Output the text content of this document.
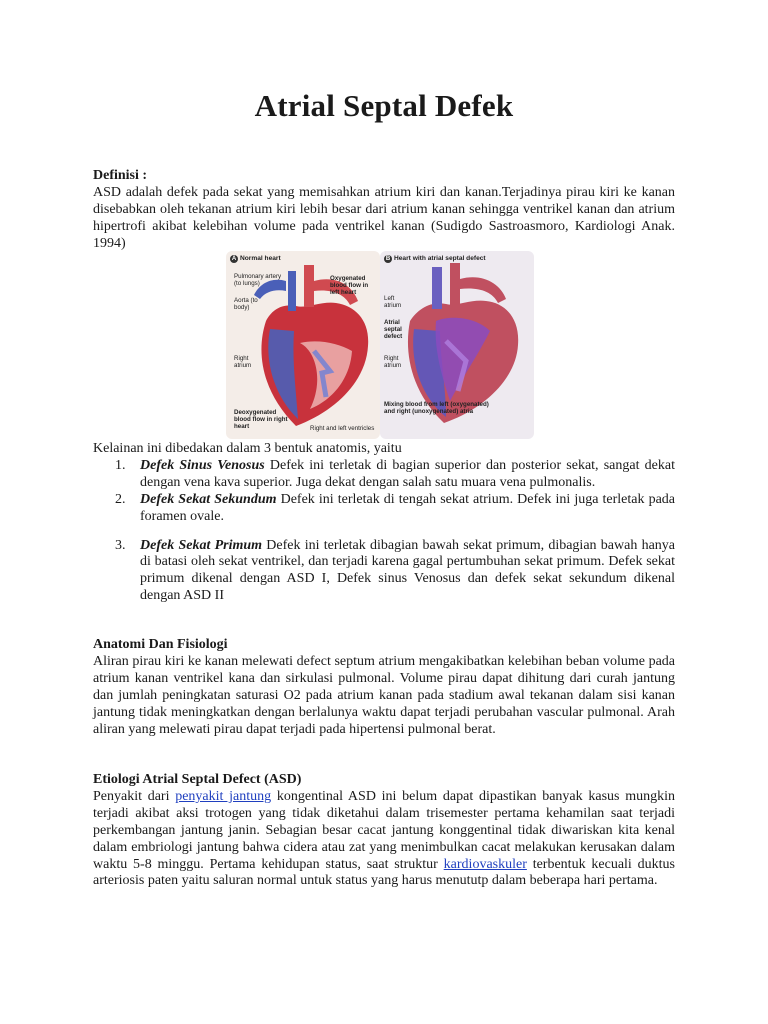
Atrial Septal Defek
Definisi :

ASD adalah defek pada sekat yang memisahkan atrium kiri dan kanan.Terjadinya pirau kiri ke kanan disebabkan oleh tekanan atrium kiri lebih besar dari atrium kanan sehingga ventrikel kanan dan atrium hipertrofi akibat kelebihan volume pada ventrikel kanan (Sudigdo Sastroasmoro, Kardiologi Anak. 1994)

A Normal heart
Pulmonary artery (to lungs)
Aorta (to body)
Oxygenated blood flow in left heart
Right atrium
Deoxygenated blood flow in right heart	Right and left ventricles
B Heart with atrial septal defect
Left atrium
Atrial septal defect
Right atrium
Mixing blood from left (oxygenated) and right (unoxygenated) atria
Kelainan ini dibedakan dalam 3 bentuk anatomis, yaitu
1. Defek Sinus Venosus Defek ini terletak di bagian superior dan posterior sekat, sangat dekat dengan vena kava superior. Juga dekat dengan salah satu muara vena pulmonalis.
2. Defek Sekat Sekundum Defek ini terletak di tengah sekat atrium. Defek ini juga terletak pada foramen ovale.
3. Defek Sekat Primum Defek ini terletak dibagian bawah sekat primum, dibagian bawah hanya di batasi oleh sekat ventrikel, dan terjadi karena gagal pertumbuhan sekat primum. Defek sekat primum dikenal dengan ASD I, Defek sinus Venosus dan defek sekat sekundum dikenal dengan ASD II
Anatomi Dan Fisiologi

Aliran pirau kiri ke kanan melewati defect septum atrium mengakibatkan kelebihan beban volume pada atrium kanan ventrikel kana dan sirkulasi pulmonal. Volume pirau dapat dihitung dari curah jantung dan jumlah peningkatan saturasi O2 pada atrium kanan pada stadium awal tekanan dalam sisi kanan jantung tidak meningkatkan dengan berlalunya waktu dapat terjadi perubahan vascular pulmonal. Arah aliran yang melewati pirau dapat terjadi pada hipertensi pulmonal berat.

Etiologi Atrial Septal Defect (ASD)

Penyakit dari penyakit jantung kongentinal ASD ini belum dapat dipastikan banyak kasus mungkin terjadi akibat aksi trotogen yang tidak diketahui dalam trisemester pertama kehamilan saat terjadi perkembangan jantung janin. Sebagian besar cacat jantung konggentinal tidak diwariskan kita kenal dalam embriologi jantung bahwa cidera atau zat yang menimbulkan cacat melakukan kerusakan dalam waktu 5-8 minggu. Pertama kehidupan status, saat struktur kardiovaskuler terbentuk kecuali duktus arteriosis paten yaitu saluran normal untuk status yang harus menututp dalam beberapa hari pertama.
